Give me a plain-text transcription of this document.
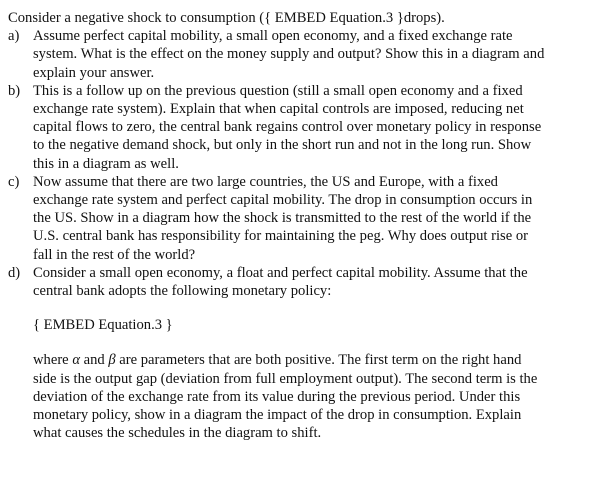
Consider a negative shock to consumption ({ EMBED Equation.3 }drops).

a) Assume perfect capital mobility, a small open economy, and a fixed exchange rate
system. What is the effect on the money supply and output? Show this in a diagram and
explain your answer.

b) This is a follow up on the previous question (still a small open economy and a fixed
exchange rate system). Explain that when capital controls are imposed, reducing net
capital flows to zero, the central bank regains control over monetary policy in response
to the negative demand shock, but only in the short run and not in the long run. Show
this in a diagram as well.

c) Now assume that there are two large countries, the US and Europe, with a fixed
exchange rate system and perfect capital mobility. The drop in consumption occurs in
the US. Show in a diagram how the shock is transmitted to the rest of the world if the
U.S. central bank has responsibility for maintaining the peg. Why does output rise or
fall in the rest of the world?

d) Consider a small open economy, a float and perfect capital mobility. Assume that the
central bank adopts the following monetary policy:
{ EMBED Equation.3 }
where α and β are parameters that are both positive. The first term on the right hand
side is the output gap (deviation from full employment output). The second term is the
deviation of the exchange rate from its value during the previous period. Under this
monetary policy, show in a diagram the impact of the drop in consumption. Explain
what causes the schedules in the diagram to shift.
